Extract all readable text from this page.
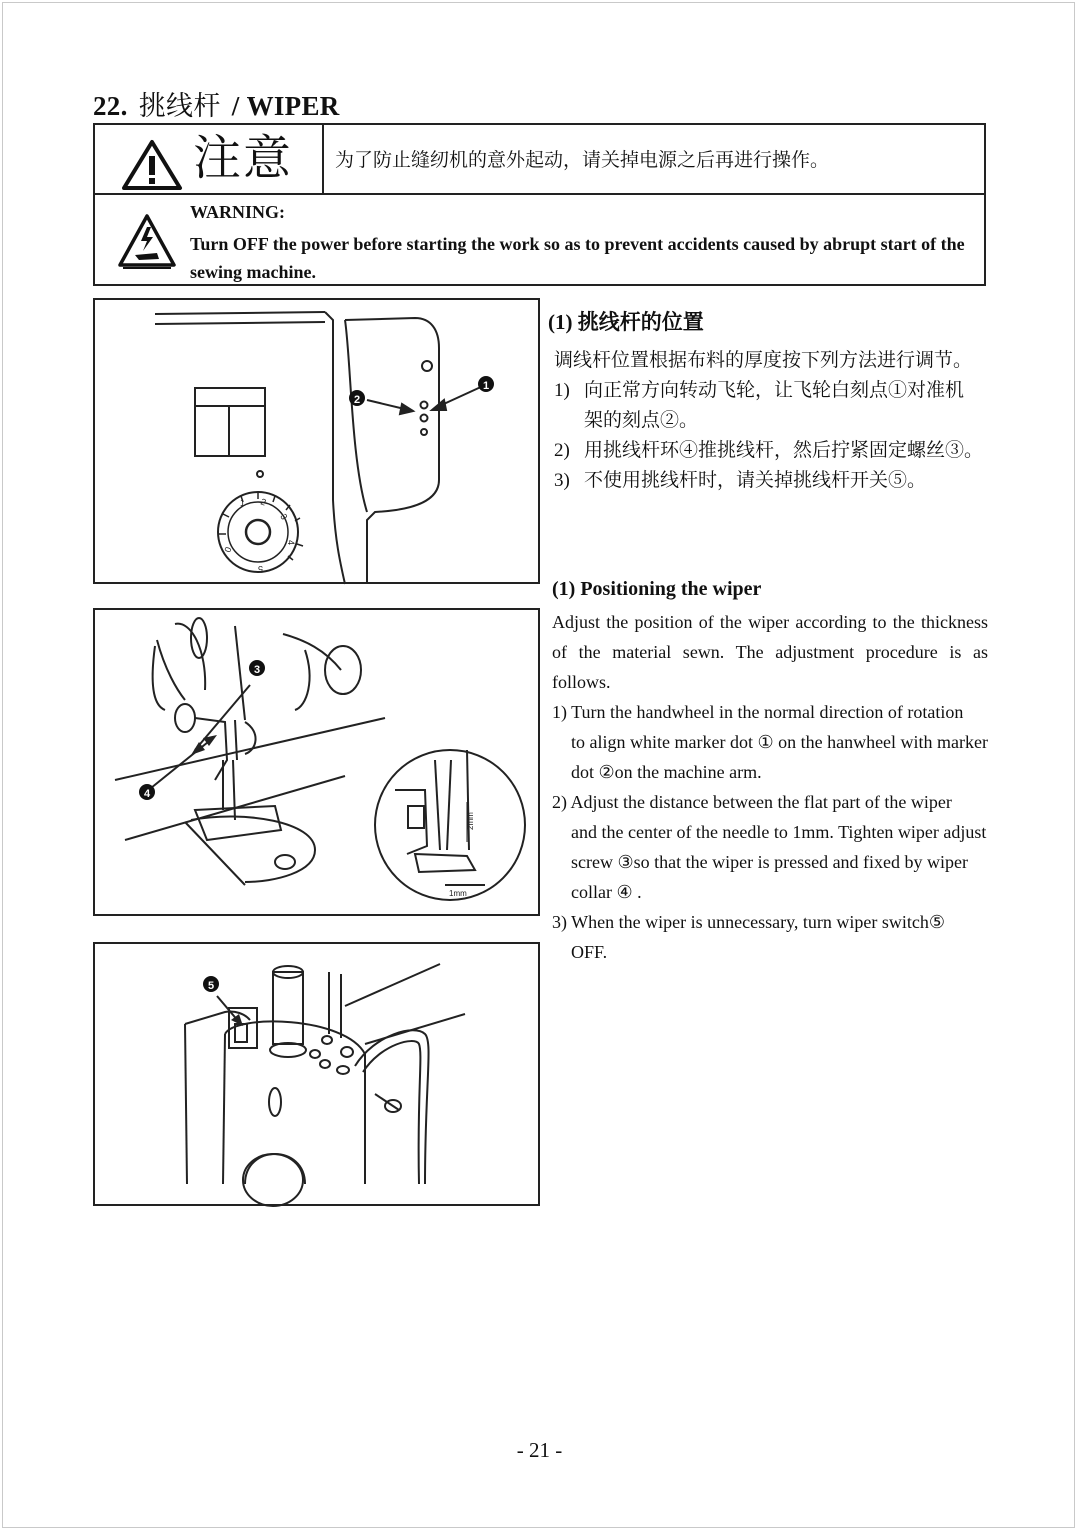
22. 挑线杆 / WIPER
注意 为了防止缝纫机的意外起动，请关掉电源之后再进行操作。
WARNING:
Turn OFF the power before starting the work so as to prevent accidents caused by abrupt start of the sewing machine.
2
1
0
1 2
3
4
5
3
4
2mm
1mm
5
(1) 挑线杆的位置
调线杆位置根据布料的厚度按下列方法进行调节。
1) 向正常方向转动飞轮，让飞轮白刻点①对准机
架的刻点②。
2) 用挑线杆环④推挑线杆，然后拧紧固定螺丝③。
3) 不使用挑线杆时，请关掉挑线杆开关⑤。
(1) Positioning the wiper
Adjust the position of the wiper according to the thickness of the material sewn. The adjustment procedure is as follows.
1) Turn the handwheel in the normal direction of rotation
to align white marker dot ① on the hanwheel with marker dot ②on the machine arm.
2) Adjust the distance between the flat part of the wiper
and the center of the needle to 1mm. Tighten wiper adjust screw ③so that the wiper is pressed and fixed by wiper collar ④ .
3) When the wiper is unnecessary, turn wiper switch⑤
OFF.
- 21 -
